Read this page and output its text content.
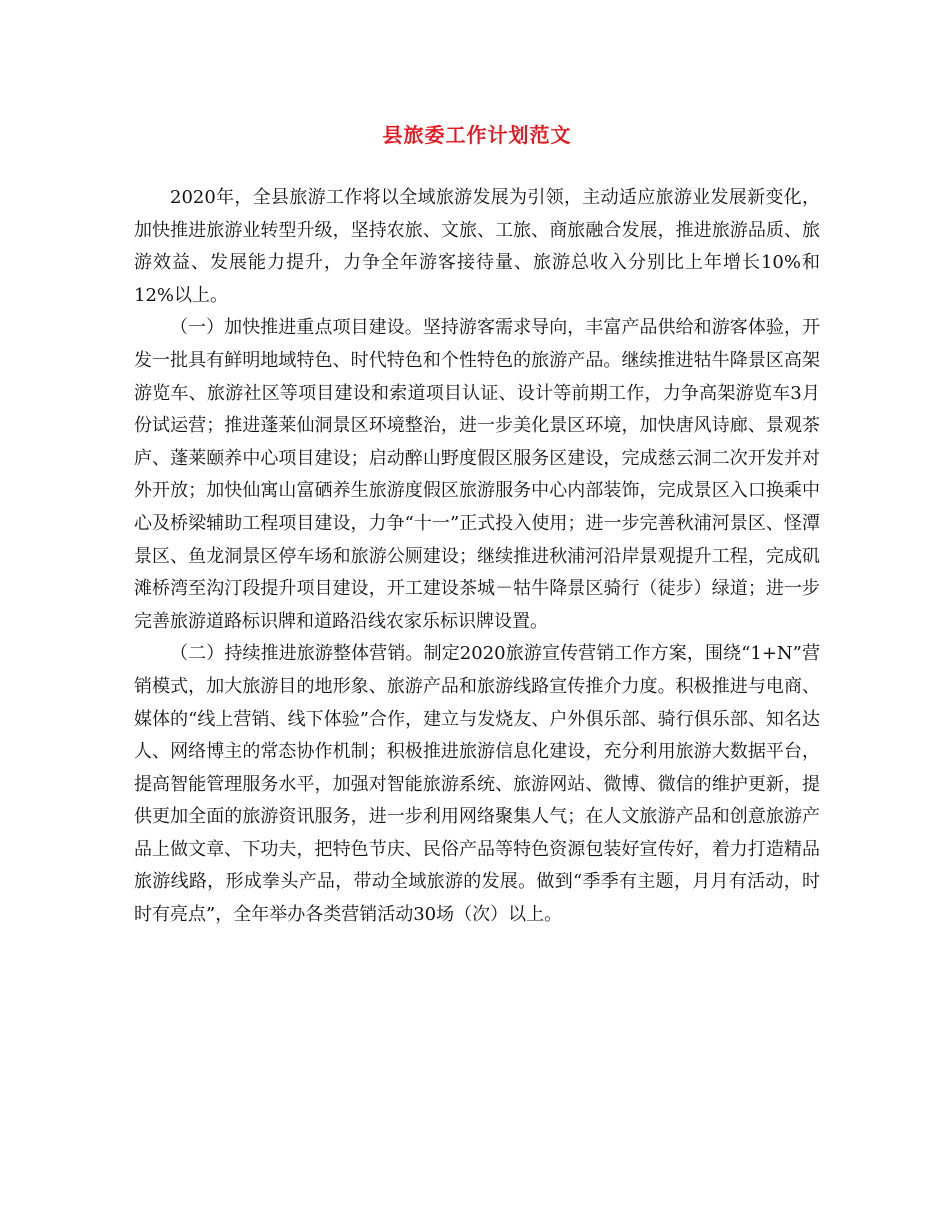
县旅委工作计划范文

2020年，全县旅游工作将以全域旅游发展为引领，主动适应旅游业发展新变化，加快推进旅游业转型升级，坚持农旅、文旅、工旅、商旅融合发展，推进旅游品质、旅游效益、发展能力提升，力争全年游客接待量、旅游总收入分别比上年增长10%和12%以上。

（一）加快推进重点项目建设。坚持游客需求导向，丰富产品供给和游客体验，开发一批具有鲜明地域特色、时代特色和个性特色的旅游产品。继续推进牯牛降景区高架游览车、旅游社区等项目建设和索道项目认证、设计等前期工作，力争高架游览车3月份试运营；推进蓬莱仙洞景区环境整治，进一步美化景区环境，加快唐风诗廊、景观茶庐、蓬莱颐养中心项目建设；启动醉山野度假区服务区建设，完成慈云洞二次开发并对外开放；加快仙寓山富硒养生旅游度假区旅游服务中心内部装饰，完成景区入口换乘中心及桥梁辅助工程项目建设，力争“十一”正式投入使用；进一步完善秋浦河景区、怪潭景区、鱼龙洞景区停车场和旅游公厕建设；继续推进秋浦河沿岸景观提升工程，完成矶滩桥湾至沟汀段提升项目建设，开工建设茶城－牯牛降景区骑行（徒步）绿道；进一步完善旅游道路标识牌和道路沿线农家乐标识牌设置。

（二）持续推进旅游整体营销。制定2020旅游宣传营销工作方案，围绕“1+N”营销模式，加大旅游目的地形象、旅游产品和旅游线路宣传推介力度。积极推进与电商、媒体的“线上营销、线下体验”合作，建立与发烧友、户外俱乐部、骑行俱乐部、知名达人、网络博主的常态协作机制；积极推进旅游信息化建设，充分利用旅游大数据平台，提高智能管理服务水平，加强对智能旅游系统、旅游网站、微博、微信的维护更新，提供更加全面的旅游资讯服务，进一步利用网络聚集人气；在人文旅游产品和创意旅游产品上做文章、下功夫，把特色节庆、民俗产品等特色资源包装好宣传好，着力打造精品旅游线路，形成拳头产品，带动全域旅游的发展。做到“季季有主题，月月有活动，时时有亮点”，全年举办各类营销活动30场（次）以上。
